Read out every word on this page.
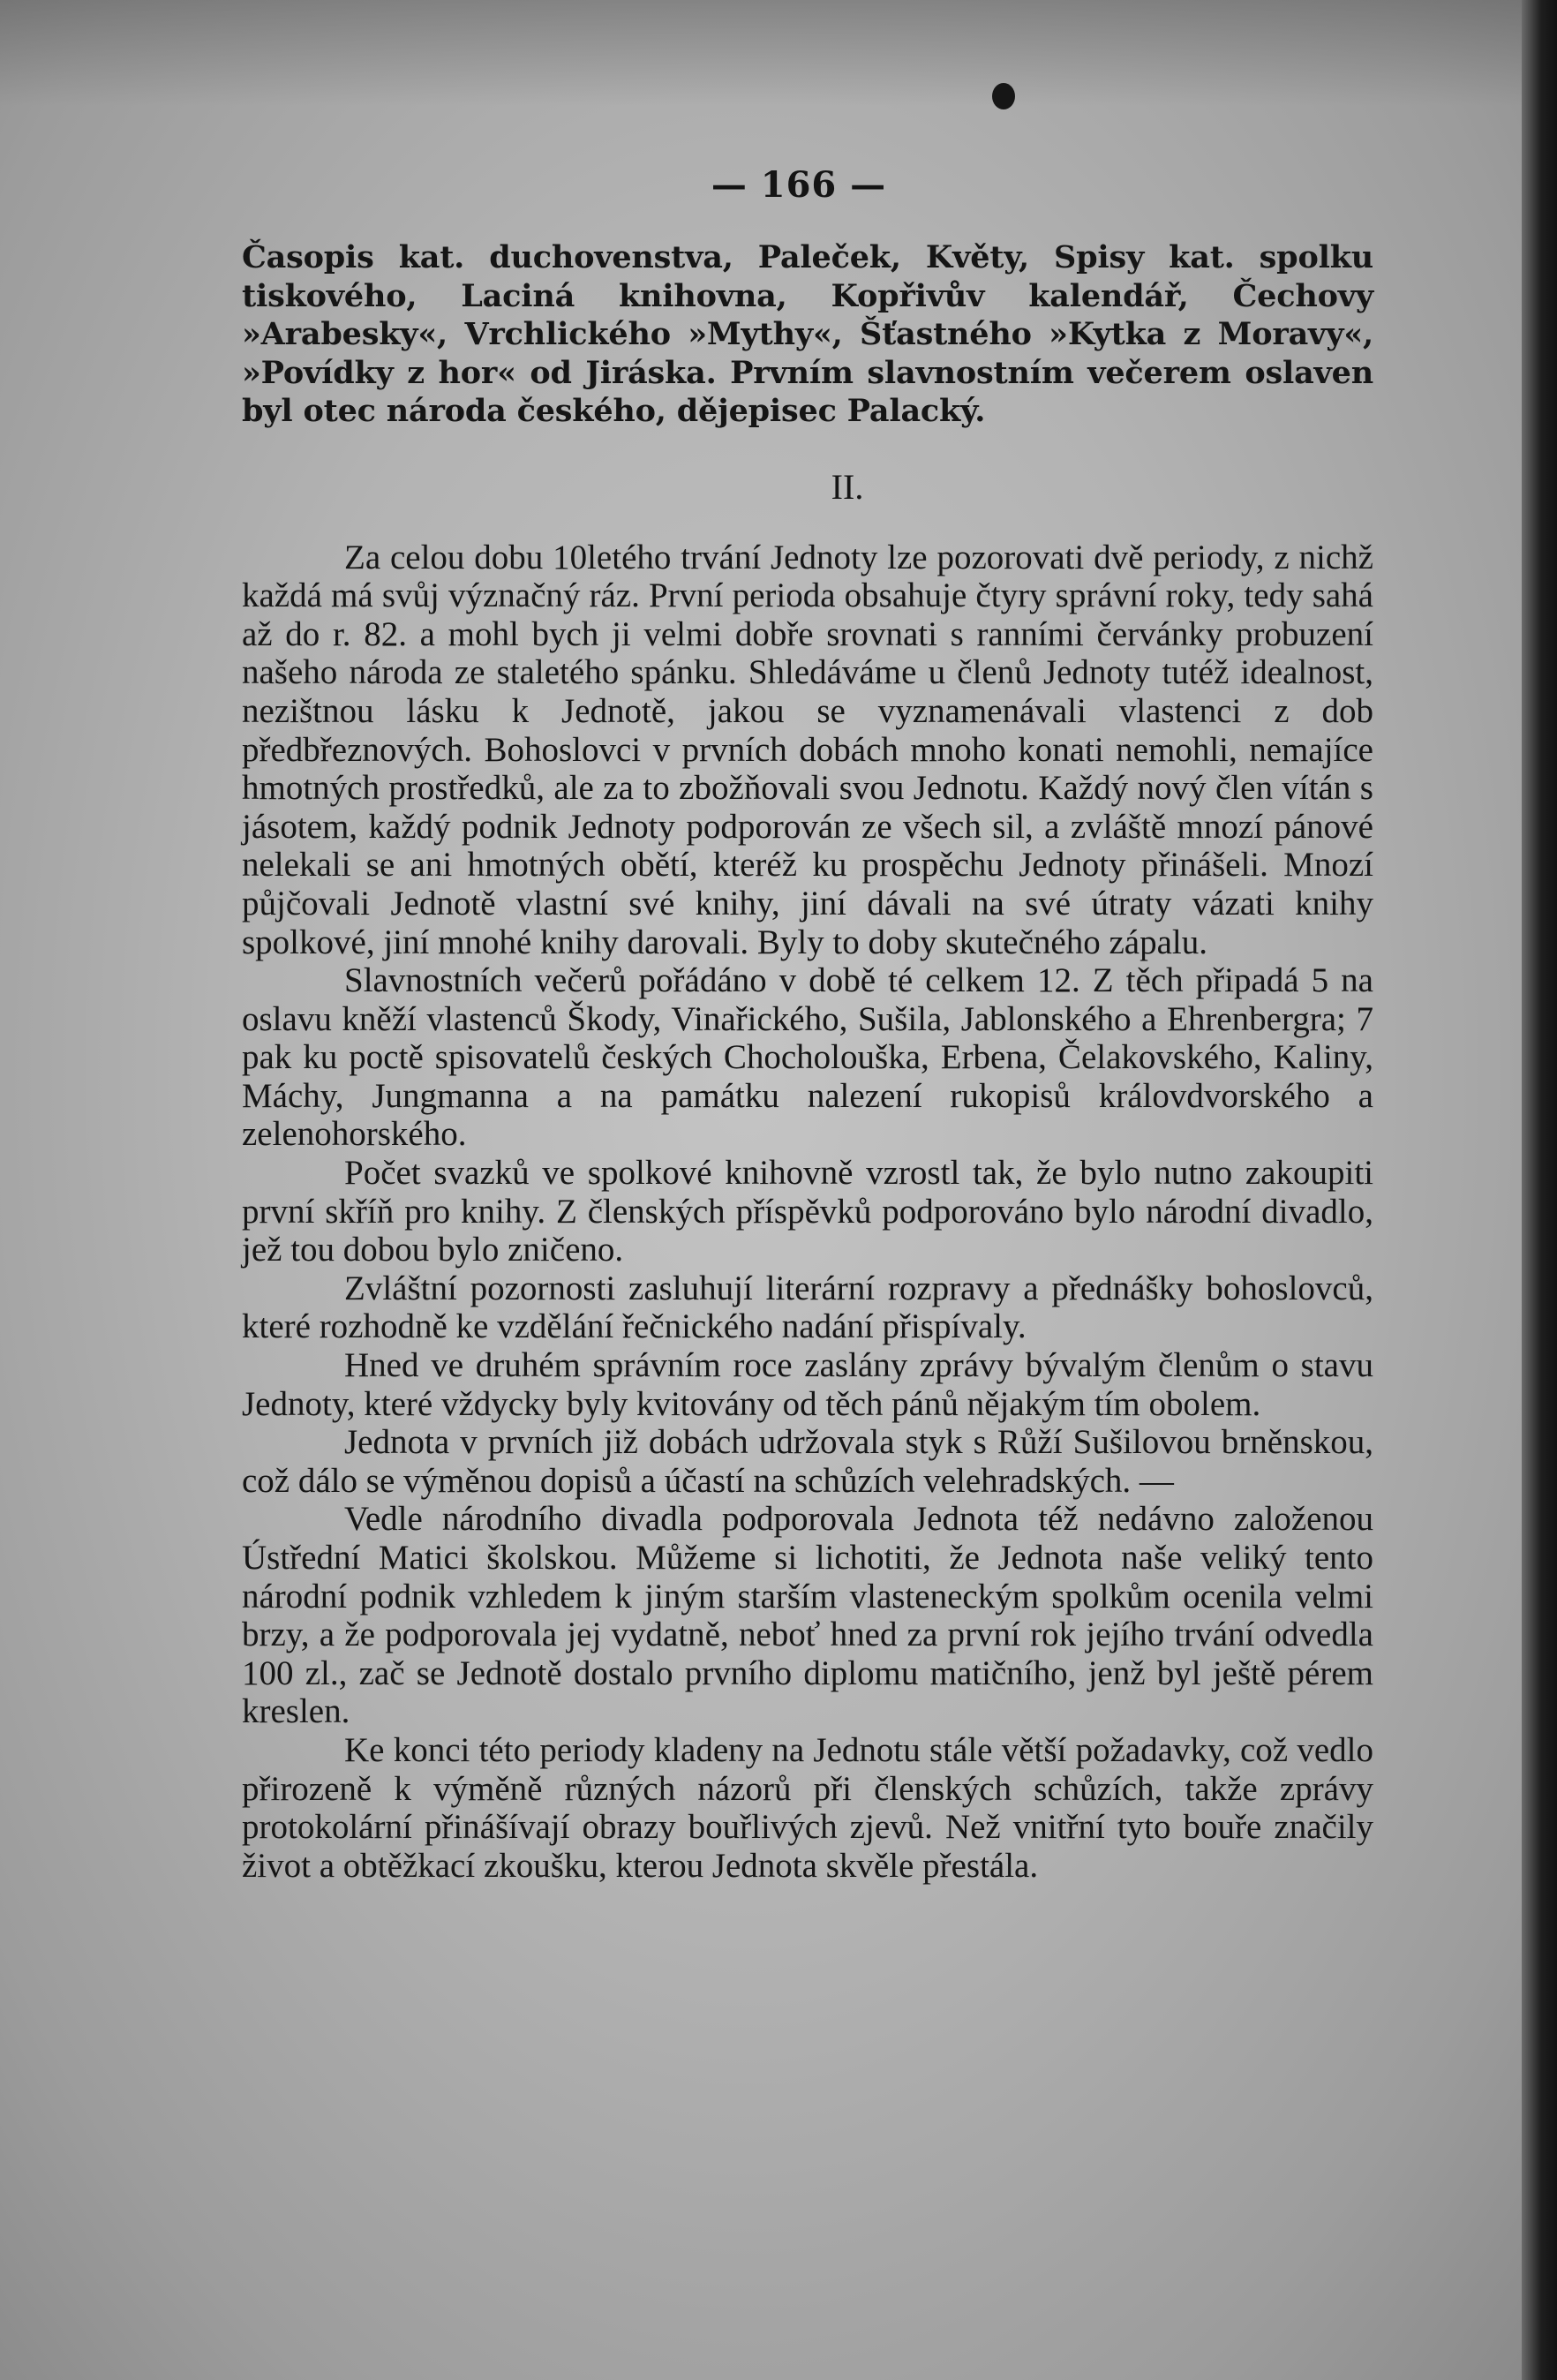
— 166 —

Časopis kat. duchovenstva, Paleček, Květy, Spisy kat. spolku tiskového, Laciná knihovna, Kopřivův kalendář, Čechovy »Arabesky«, Vrchlického »Mythy«, Šťastného »Kytka z Moravy«, »Povídky z hor« od Jiráska. Prvním slavnostním večerem oslaven byl otec národa českého, dějepisec Palacký.

II.

Za celou dobu 10letého trvání Jednoty lze pozorovati dvě periody, z nichž každá má svůj význačný ráz. První perioda obsahuje čtyry správní roky, tedy sahá až do r. 82. a mohl bych ji velmi dobře srovnati s ranními červánky probuzení našeho národa ze staletého spánku. Shledáváme u členů Jednoty tutéž idealnost, nezištnou lásku k Jednotě, jakou se vyznamenávali vlastenci z dob předbřeznových. Bohoslovci v prvních dobách mnoho konati nemohli, nemajíce hmotných prostředků, ale za to zbožňovali svou Jednotu. Každý nový člen vítán s jásotem, každý podnik Jednoty podporován ze všech sil, a zvláště mnozí pánové nelekali se ani hmotných obětí, kteréž ku prospěchu Jednoty přinášeli. Mnozí půjčovali Jednotě vlastní své knihy, jiní dávali na své útraty vázati knihy spolkové, jiní mnohé knihy darovali. Byly to doby skutečného zápalu.

Slavnostních večerů pořádáno v době té celkem 12. Z těch připadá 5 na oslavu kněží vlastenců Škody, Vinařického, Sušila, Jablonského a Ehrenbergra; 7 pak ku poctě spisovatelů českých Chocholouška, Erbena, Čelakovského, Kaliny, Máchy, Jungmanna a na památku nalezení rukopisů královdvorského a zelenohorského.

Počet svazků ve spolkové knihovně vzrostl tak, že bylo nutno zakoupiti první skříň pro knihy. Z členských příspěvků podporováno bylo národní divadlo, jež tou dobou bylo zničeno.

Zvláštní pozornosti zasluhují literární rozpravy a přednášky bohoslovců, které rozhodně ke vzdělání řečnického nadání přispívaly.

Hned ve druhém správním roce zaslány zprávy bývalým členům o stavu Jednoty, které vždycky byly kvitovány od těch pánů nějakým tím obolem.

Jednota v prvních již dobách udržovala styk s Růží Sušilovou brněnskou, což dálo se výměnou dopisů a účastí na schůzích velehradských. —

Vedle národního divadla podporovala Jednota též nedávno založenou Ústřední Matici školskou. Můžeme si lichotiti, že Jednota naše veliký tento národní podnik vzhledem k jiným starším vlasteneckým spolkům ocenila velmi brzy, a že podporovala jej vydatně, neboť hned za první rok jejího trvání odvedla 100 zl., zač se Jednotě dostalo prvního diplomu matičního, jenž byl ještě pérem kreslen.

Ke konci této periody kladeny na Jednotu stále větší požadavky, což vedlo přirozeně k výměně různých názorů při členských schůzích, takže zprávy protokolární přinášívají obrazy bouřlivých zjevů. Než vnitřní tyto bouře značily život a obtěžkací zkoušku, kterou Jednota skvěle přestála.
